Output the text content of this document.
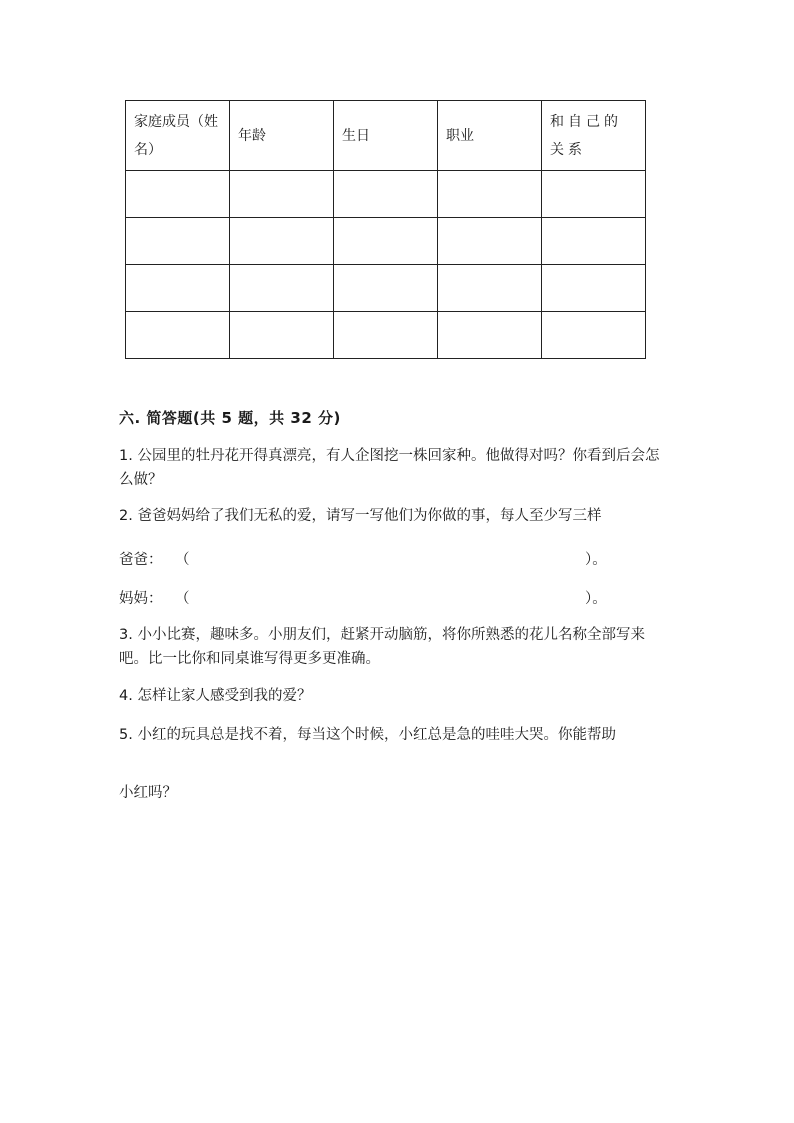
家庭成员（姓名）	年龄	生日	职业	和自己的关系

六. 简答题(共 5 题，共 32 分)
1. 公园里的牡丹花开得真漂亮，有人企图挖一株回家种。他做得对吗？你看到后会怎么做？
2. 爸爸妈妈给了我们无私的爱，请写一写他们为你做的事，每人至少写三样
爸爸： （	）。
妈妈： （	）。
3. 小小比赛，趣味多。小朋友们，赶紧开动脑筋，将你所熟悉的花儿名称全部写来吧。比一比你和同桌谁写得更多更准确。
4. 怎样让家人感受到我的爱？
5. 小红的玩具总是找不着，每当这个时候，小红总是急的哇哇大哭。你能帮助
小红吗？
